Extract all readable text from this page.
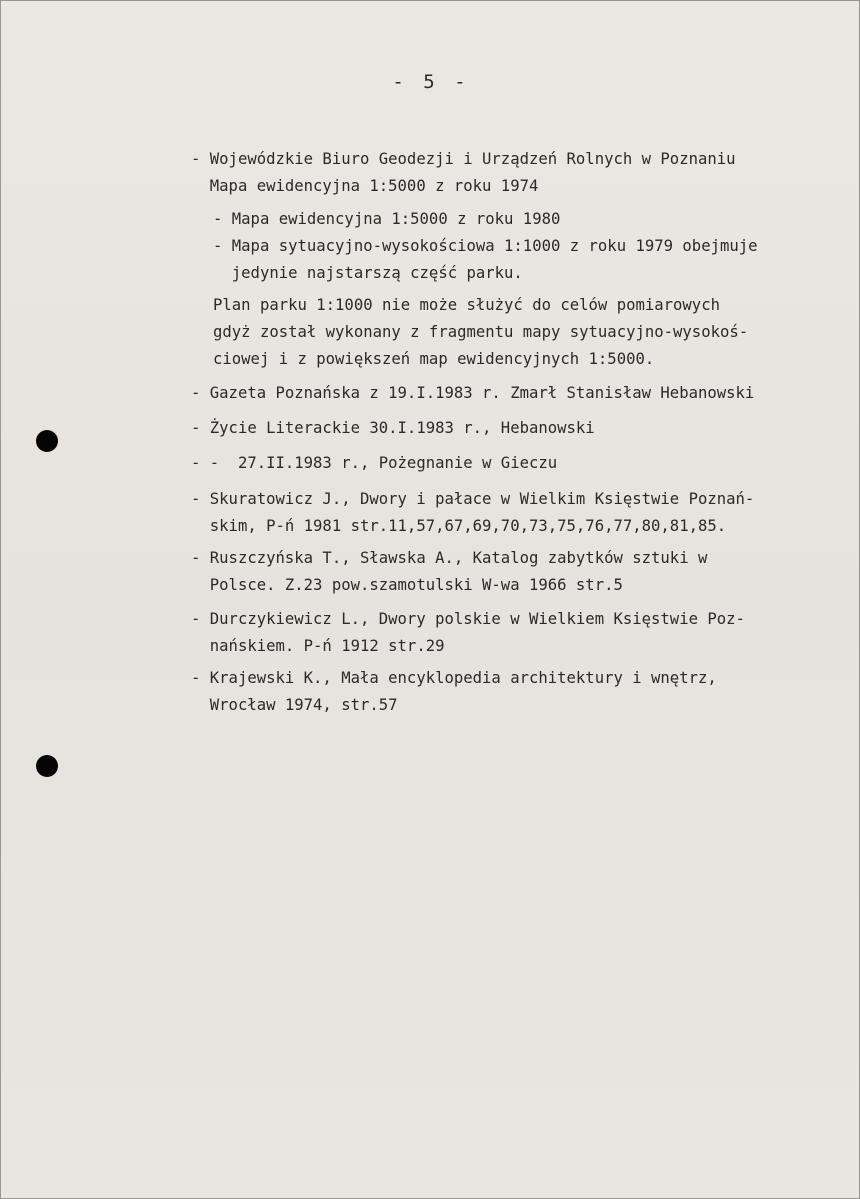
- 5 -
- Wojewódzkie Biuro Geodezji i Urządzeń Rolnych w Poznaniu
Mapa ewidencyjna 1:5000 z roku 1974
- Mapa ewidencyjna 1:5000 z roku 1980
- Mapa sytuacyjno-wysokościowa 1:1000 z roku 1979 obejmuje
jedynie najstarszą część parku.
Plan parku 1:1000 nie może służyć do celów pomiarowych
gdyż został wykonany z fragmentu mapy sytuacyjno-wysokoś-
ciowej i z powiększeń map ewidencyjnych 1:5000.
- Gazeta Poznańska z 19.I.1983 r. Zmarł Stanisław Hebanowski
- Życie Literackie 30.I.1983 r., Hebanowski
- -  27.II.1983 r., Pożegnanie w Gieczu
- Skuratowicz J., Dwory i pałace w Wielkim Księstwie Poznań-
skim, P-ń 1981 str.11,57,67,69,70,73,75,76,77,80,81,85.
- Ruszczyńska T., Sławska A., Katalog zabytków sztuki w
Polsce. Z.23 pow.szamotulski W-wa 1966 str.5
- Durczykiewicz L., Dwory polskie w Wielkiem Księstwie Poz-
nańskiem. P-ń 1912 str.29
- Krajewski K., Mała encyklopedia architektury i wnętrz,
Wrocław 1974, str.57
